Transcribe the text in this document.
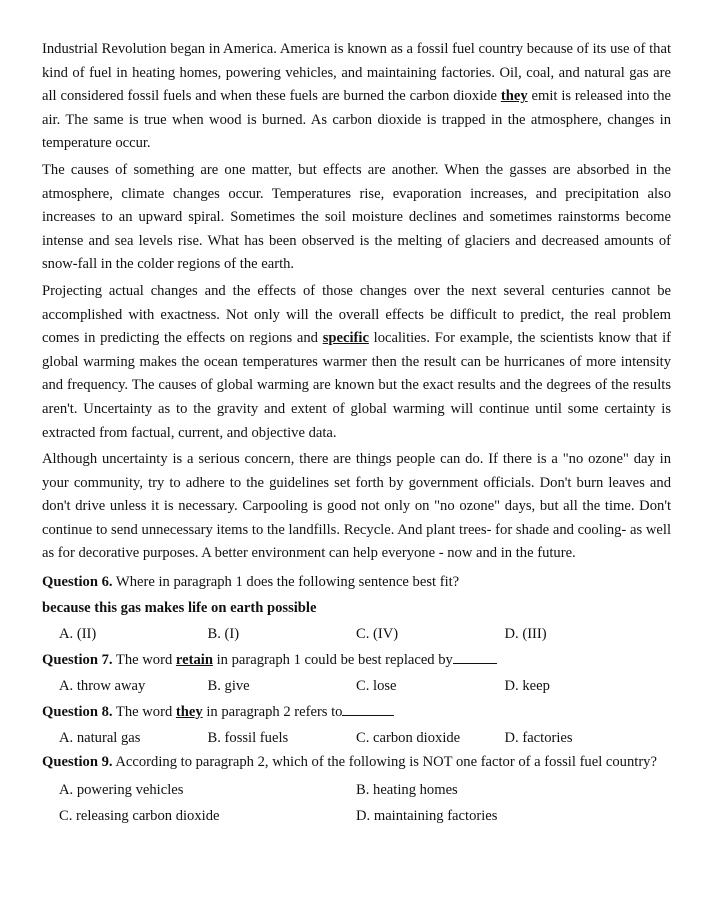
Industrial Revolution began in America. America is known as a fossil fuel country because of its use of that kind of fuel in heating homes, powering vehicles, and maintaining factories. Oil, coal, and natural gas are all considered fossil fuels and when these fuels are burned the carbon dioxide they emit is released into the air. The same is true when wood is burned. As carbon dioxide is trapped in the atmosphere, changes in temperature occur.

The causes of something are one matter, but effects are another. When the gasses are absorbed in the atmosphere, climate changes occur. Temperatures rise, evaporation increases, and precipitation also increases to an upward spiral. Sometimes the soil moisture declines and sometimes rainstorms become intense and sea levels rise. What has been observed is the melting of glaciers and decreased amounts of snow-fall in the colder regions of the earth.

Projecting actual changes and the effects of those changes over the next several centuries cannot be accomplished with exactness. Not only will the overall effects be difficult to predict, the real problem comes in predicting the effects on regions and specific localities. For example, the scientists know that if global warming makes the ocean temperatures warmer then the result can be hurricanes of more intensity and frequency. The causes of global warming are known but the exact results and the degrees of the results aren't. Uncertainty as to the gravity and extent of global warming will continue until some certainty is extracted from factual, current, and objective data.

Although uncertainty is a serious concern, there are things people can do. If there is a "no ozone" day in your community, try to adhere to the guidelines set forth by government officials. Don't burn leaves and don't drive unless it is necessary. Carpooling is good not only on "no ozone" days, but all the time. Don't continue to send unnecessary items to the landfills. Recycle. And plant trees- for shade and cooling- as well as for decorative purposes. A better environment can help everyone - now and in the future.

Question 6. Where in paragraph 1 does the following sentence best fit?

because this gas makes life on earth possible

A. (II)	B. (I)	C. (IV)	D. (III)

Question 7. The word retain in paragraph 1 could be best replaced by

A. throw away	B. give	C. lose	D. keep

Question 8. The word they in paragraph 2 refers to

A. natural gas	B. fossil fuels	C. carbon dioxide	D. factories

Question 9. According to paragraph 2, which of the following is NOT one factor of a fossil fuel country?

A. powering vehicles	B. heating homes
C. releasing carbon dioxide	D. maintaining factories
